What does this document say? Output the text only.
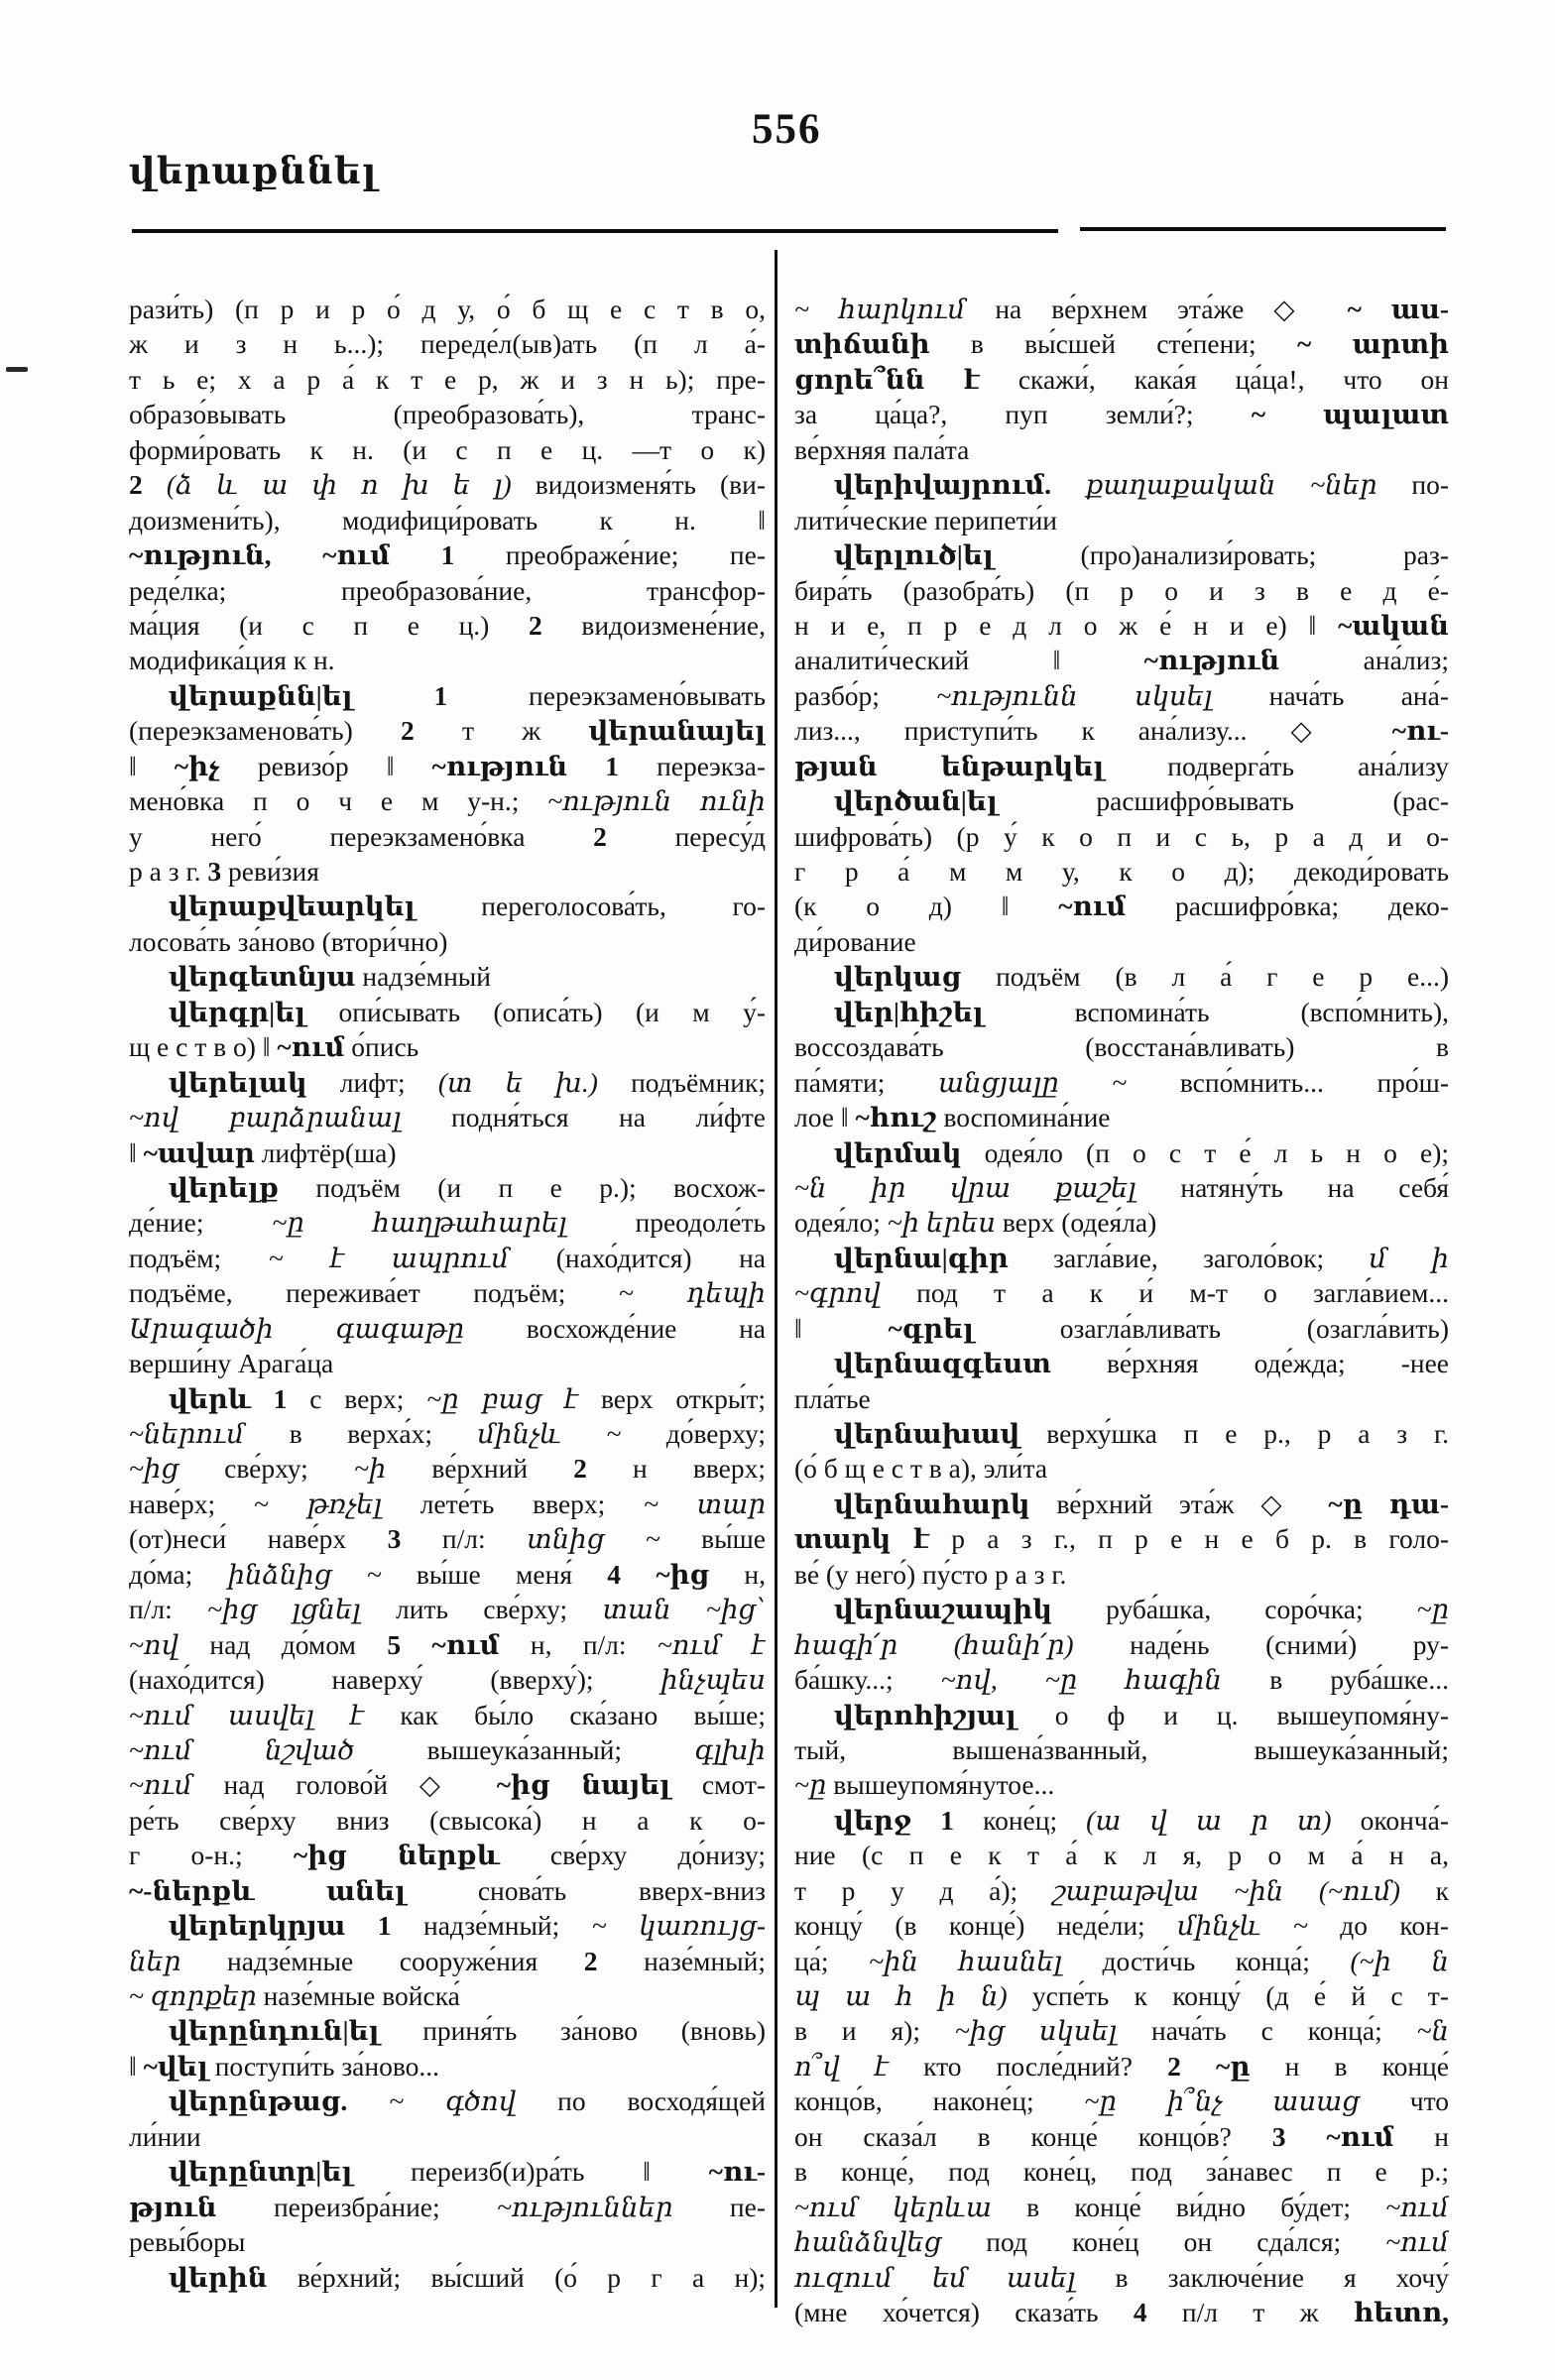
վերաքննել
556
рази́ть) (п р и р о́ д у, о́ б щ е с т в о,
ж и з н ь...); переде́л(ыв)ать (п л а́-
т ь е; х а р а́ к т е р, ж и з н ь); пре-
образо́вывать (преобразова́ть), транс-
форми́ровать к н. (и с п е ц. —т о к)
2 (ձ և ա փ ո խ ե լ) видоизменя́ть (ви-
доизмени́ть), модифици́ровать к н. ‖
~ություն, ~ում 1 преображе́ние; пе-
реде́лка; преобразова́ние, трансфор-
ма́ция (и с п е ц.) 2 видоизмене́ние,
модифика́ция к н.
վերաքնն|ել 1 переэкзамено́вывать
(переэкзаменова́ть) 2 т ж վերանայել
‖ ~իչ ревизо́р ‖ ~ություն 1 переэкза-
мено́вка п о ч е м у-н.; ~ություն ունի
у него́ переэкзамено́вка 2 пересу́д
р а з г. 3 реви́зия
վերաքվեարկել переголосова́ть, го-
лосова́ть за́ново (втори́чно)
վերգետնյա надзе́мный
վերգր|ել опи́сывать (описа́ть) (и м у́-
щ е с т в о) ‖ ~ում о́пись
վերելակ лифт; (տ ե խ.) подъёмник;
~ով բարձրանալ подня́ться на ли́фте
‖ ~ավար лифтёр(ша)
վերելք подъём (и п е р.); восхож-
де́ние; ~ը հաղթահարել преодоле́ть
подъём; ~ է ապրում (нахо́дится) на
подъёме, пережива́ет подъём; ~ դեպի
Արագածի գագաթը восхожде́ние на
верши́ну Арага́ца
վերև 1 с верх; ~ը բաց է верх откры́т;
~ներում в верха́х; մինչև ~ до́верху;
~ից све́рху; ~ի ве́рхний 2 н вверх;
наве́рх; ~ թռչել лете́ть вверх; ~ տար
(от)неси́ наве́рх 3 п/л: տնից ~ вы́ше
до́ма; ինձնից ~ вы́ше меня́ 4 ~ից н,
п/л: ~ից լցնել лить све́рху; տան ~ից՝
~ով над до́мом 5 ~ում н, п/л: ~ում է
(нахо́дится) наверху́ (вверху́); ինչպես
~ում ասվել է как бы́ло ска́зано вы́ше;
~ում նշված вышеука́занный; գլխի
~ում над голово́й ◇ ~ից նայել смот-
ре́ть све́рху вниз (свысока́) н а к о-
г о-н.; ~ից ներքև све́рху до́низу;
~-ներքև անել снова́ть вверх-вниз
վերերկրյա 1 надзе́мный; ~ կառույց-
ներ надзе́мные сооруже́ния 2 назе́мный;
~ զորքեր назе́мные войска́
վերընդուն|ել приня́ть за́ново (вновь)
‖ ~վել поступи́ть за́ново...
վերընթաց. ~ գծով по восходя́щей
ли́нии
վերընտր|ել переизб(и)ра́ть ‖ ~ու-
թյուն переизбра́ние; ~ություններ пе-
ревы́боры
վերին ве́рхний; вы́сший (о́ р г а н);
~ հարկում на ве́рхнем эта́же ◇ ~ աս-
տիճանի в вы́сшей сте́пени; ~ արտի
ցորե՞նն է скажи́, кака́я ца́ца!, что он
за ца́ца?, пуп земли́?; ~ պալատ
ве́рхняя пала́та
վերիվայրում. քաղաքական ~ներ по-
лити́ческие перипети́и
վերլուծ|ել (про)анализи́ровать; раз-
бира́ть (разобра́ть) (п р о и з в е д е́-
н и е, п р е д л о ж е́ н и е) ‖ ~ական
аналити́ческий ‖ ~ություն ана́лиз;
разбо́р; ~ությունն սկսել нача́ть ана́-
лиз..., приступи́ть к ана́лизу... ◇ ~ու-
թյան ենթարկել подверга́ть ана́лизу
վերծան|ել расшифро́вывать (рас-
шифрова́ть) (р у́ к о п и с ь, р а д и о-
г р а́ м м у, к о д); декоди́ровать
(к о д) ‖ ~ում расшифро́вка; деко-
ди́рование
վերկաց подъём (в л а́ г е р е...)
վեր|հիշել вспомина́ть (вспо́мнить),
воссоздава́ть (восстана́вливать) в
па́мяти; անցյալը ~ вспо́мнить... про́ш-
лое ‖ ~հուշ воспомина́ние
վերմակ одея́ло (п о с т е́ л ь н о е);
~ն իր վրա քաշել натяну́ть на себя́
одея́ло; ~ի երես верх (одея́ла)
վերնա|գիր загла́вие, заголо́вок; մ ի
~գրով под т а к и́ м-т о загла́вием...
‖ ~գրել озагла́вливать (озагла́вить)
վերնազգեստ ве́рхняя оде́жда; -нее
пла́тье
վերնախավ верху́шка п е р., р а з г.
(о́ б щ е с т в а), эли́та
վերնահարկ ве́рхний эта́ж ◇ ~ը դա-
տարկ է р а з г., п р е н е б р. в голо-
ве́ (у него́) пу́сто р а з г.
վերնաշապիկ руба́шка, соро́чка; ~ը
հագի՛ր (հանի՛ր) наде́нь (сними́) ру-
ба́шку...; ~ով, ~ը հագին в руба́шке...
վերոհիշյալ о ф и ц. вышеупомя́ну-
тый, вышена́званный, вышеука́занный;
~ը вышеупомя́нутое...
վերջ 1 коне́ц; (ա վ ա ր տ) оконча́-
ние (с п е к т а́ к л я, р о м а́ н а,
т р у д а́); շաբաթվա ~ին (~ում) к
концу́ (в конце́) неде́ли; մինչև ~ до кон-
ца́; ~ին հասնել дости́чь конца́; (~ի ն
պ ա հ ի ն) успе́ть к концу́ (д е́ й с т-
в и я); ~ից սկսել нача́ть с конца́; ~ն
ո՞վ է кто после́дний? 2 ~ը н в конце́
концо́в, наконе́ц; ~ը ի՞նչ ասաց что
он сказа́л в конце́ концо́в? 3 ~ում н
в конце́, под коне́ц, под за́навес п е р.;
~ում կերևա в конце́ ви́дно бу́дет; ~ում
հանձնվեց под коне́ц он сда́лся; ~ում
ուզում եմ ասել в заключе́ние я хочу́
(мне хо́чется) сказа́ть 4 п/л т ж հետո,
